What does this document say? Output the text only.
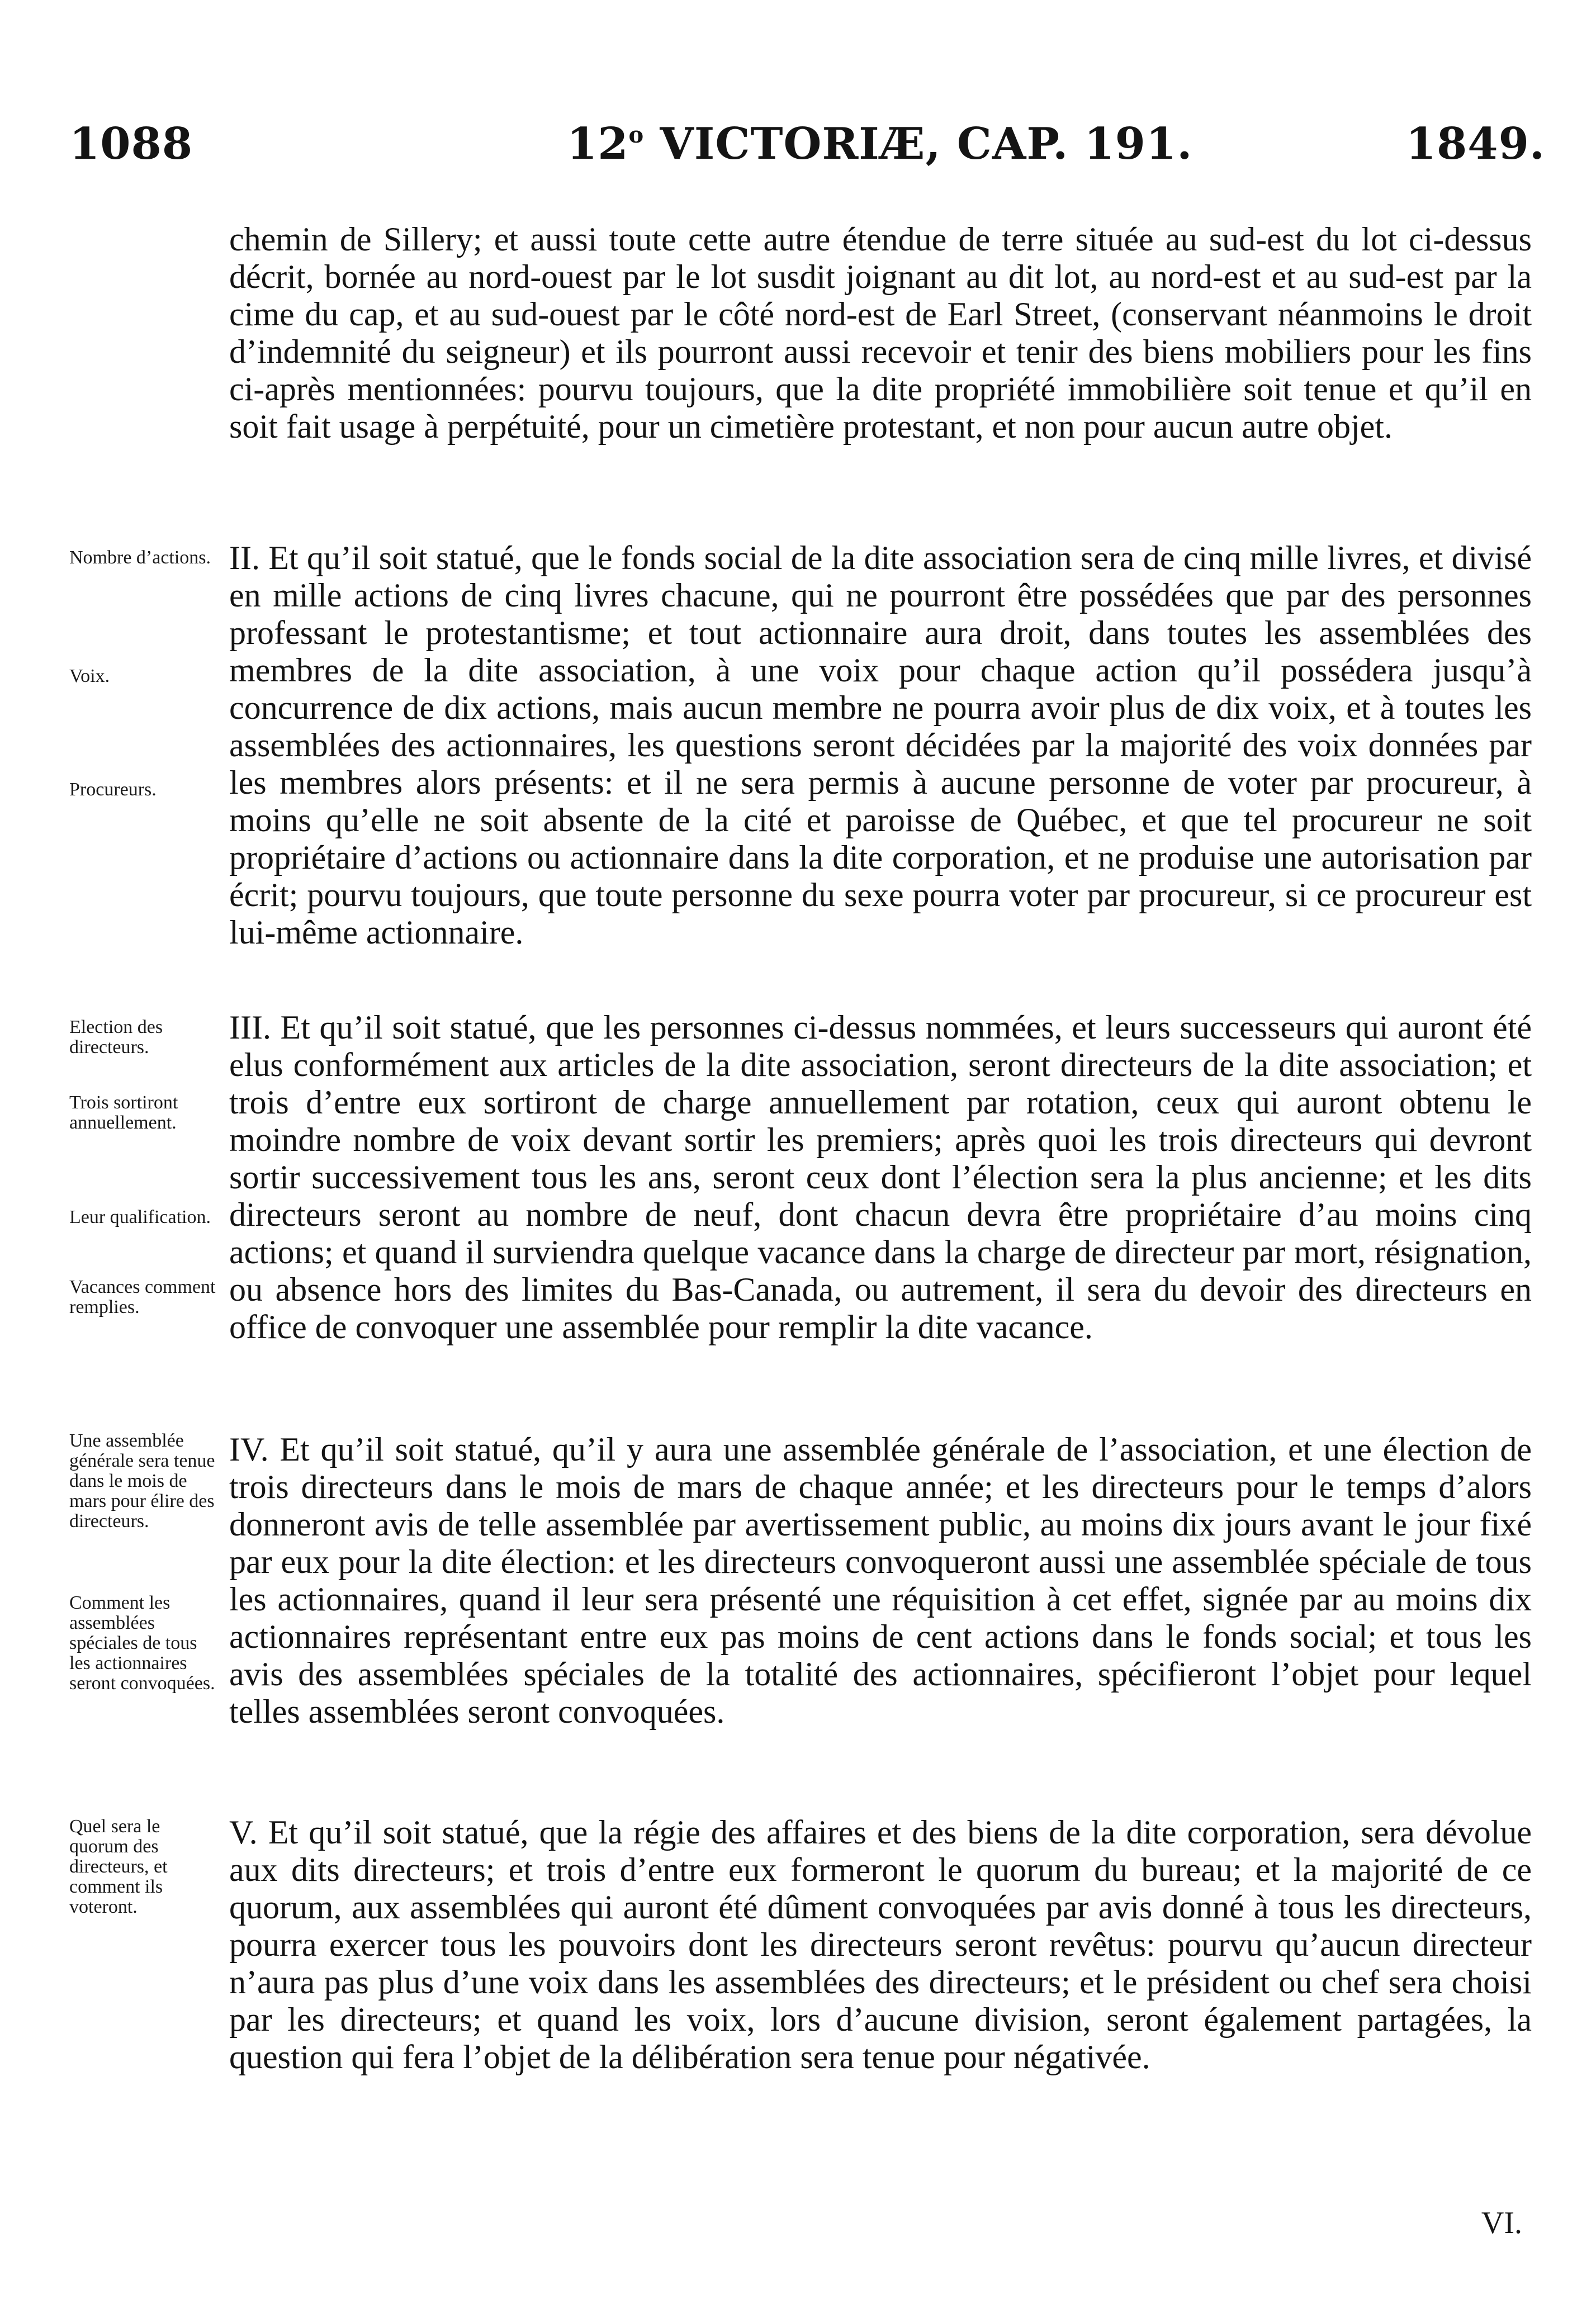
1088	12$^o$ VICTORIÆ, CAP. 191.	1849.

chemin de Sillery; et aussi toute cette autre étendue de terre située au sud-est du lot ci-dessus décrit, bornée au nord-ouest par le lot susdit joignant au dit lot, au nord-est et au sud-est par la cime du cap, et au sud-ouest par le côté nord-est de Earl Street, (conservant néanmoins le droit d’indemnité du seigneur) et ils pourront aussi recevoir et tenir des biens mobiliers pour les fins ci-après mentionnées: pourvu toujours, que la dite propriété immobilière soit tenue et qu’il en soit fait usage à perpétuité, pour un cimetière protestant, et non pour aucun autre objet.

II. Et qu’il soit statué, que le fonds social de la dite association sera de cinq mille livres, et divisé en mille actions de cinq livres chacune, qui ne pourront être possédées que par des personnes professant le protestantisme; et tout actionnaire aura droit, dans toutes les assemblées des membres de la dite association, à une voix pour chaque action qu’il possédera jusqu’à concurrence de dix actions, mais aucun membre ne pourra avoir plus de dix voix, et à toutes les assemblées des actionnaires, les questions seront décidées par la majorité des voix données par les membres alors présents: et il ne sera permis à aucune personne de voter par procureur, à moins qu’elle ne soit absente de la cité et paroisse de Québec, et que tel procureur ne soit propriétaire d’actions ou actionnaire dans la dite corporation, et ne produise une autorisation par écrit; pourvu toujours, que toute personne du sexe pourra voter par procureur, si ce procureur est lui-même actionnaire.

III. Et qu’il soit statué, que les personnes ci-dessus nommées, et leurs successeurs qui auront été elus conformément aux articles de la dite association, seront directeurs de la dite association; et trois d’entre eux sortiront de charge annuellement par rotation, ceux qui auront obtenu le moindre nombre de voix devant sortir les premiers; après quoi les trois directeurs qui devront sortir successivement tous les ans, seront ceux dont l’élection sera la plus ancienne; et les dits directeurs seront au nombre de neuf, dont chacun devra être propriétaire d’au moins cinq actions; et quand il surviendra quelque vacance dans la charge de directeur par mort, résignation, ou absence hors des limites du Bas-Canada, ou autrement, il sera du devoir des directeurs en office de convoquer une assemblée pour remplir la dite vacance.

IV. Et qu’il soit statué, qu’il y aura une assemblée générale de l’association, et une élection de trois directeurs dans le mois de mars de chaque année; et les directeurs pour le temps d’alors donneront avis de telle assemblée par avertissement public, au moins dix jours avant le jour fixé par eux pour la dite élection: et les directeurs convoqueront aussi une assemblée spéciale de tous les actionnaires, quand il leur sera présenté une réquisition à cet effet, signée par au moins dix actionnaires représentant entre eux pas moins de cent actions dans le fonds social; et tous les avis des assemblées spéciales de la totalité des actionnaires, spécifieront l’objet pour lequel telles assemblées seront convoquées.

V. Et qu’il soit statué, que la régie des affaires et des biens de la dite corporation, sera dévolue aux dits directeurs; et trois d’entre eux formeront le quorum du bureau; et la majorité de ce quorum, aux assemblées qui auront été dûment convoquées par avis donné à tous les directeurs, pourra exercer tous les pouvoirs dont les directeurs seront revêtus: pourvu qu’aucun directeur n’aura pas plus d’une voix dans les assemblées des directeurs; et le président ou chef sera choisi par les directeurs; et quand les voix, lors d’aucune division, seront également partagées, la question qui fera l’objet de la délibération sera tenue pour négativée.

Nombre d’actions.
Voix.
Procureurs.
Election des directeurs.
Trois sortiront annuellement.
Leur qualification.
Vacances comment remplies.
Une assemblée générale sera tenue dans le mois de mars pour élire des directeurs.
Comment les assemblées spéciales de tous les actionnaires seront convoquées.
Quel sera le quorum des directeurs, et comment ils voteront.
VI.
